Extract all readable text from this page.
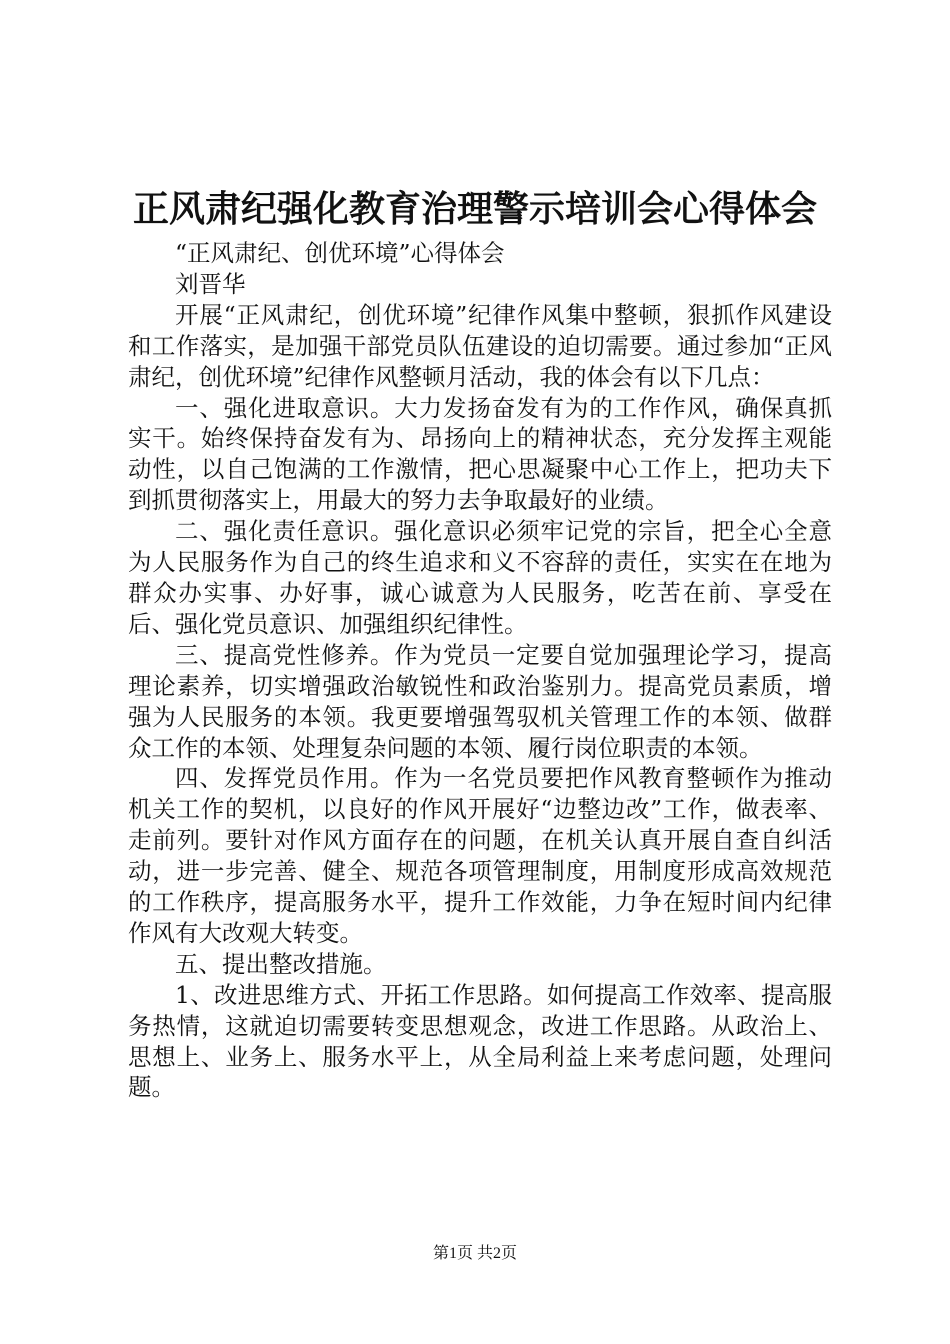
正风肃纪强化教育治理警示培训会心得体会

“正风肃纪、创优环境”心得体会

刘晋华

开展“正风肃纪，创优环境”纪律作风集中整顿，狠抓作风建设和工作落实，是加强干部党员队伍建设的迫切需要。通过参加“正风肃纪，创优环境”纪律作风整顿月活动，我的体会有以下几点：

一、强化进取意识。大力发扬奋发有为的工作作风，确保真抓实干。始终保持奋发有为、昂扬向上的精神状态，充分发挥主观能动性，以自己饱满的工作激情，把心思凝聚中心工作上，把功夫下到抓贯彻落实上，用最大的努力去争取最好的业绩。

二、强化责任意识。强化意识必须牢记党的宗旨，把全心全意为人民服务作为自己的终生追求和义不容辞的责任，实实在在地为群众办实事、办好事，诚心诚意为人民服务，吃苦在前、享受在后、强化党员意识、加强组织纪律性。

三、提高党性修养。作为党员一定要自觉加强理论学习，提高理论素养，切实增强政治敏锐性和政治鉴别力。提高党员素质，增强为人民服务的本领。我更要增强驾驭机关管理工作的本领、做群众工作的本领、处理复杂问题的本领、履行岗位职责的本领。

四、发挥党员作用。作为一名党员要把作风教育整顿作为推动机关工作的契机，以良好的作风开展好“边整边改”工作，做表率、走前列。要针对作风方面存在的问题，在机关认真开展自查自纠活动，进一步完善、健全、规范各项管理制度，用制度形成高效规范的工作秩序，提高服务水平，提升工作效能，力争在短时间内纪律作风有大改观大转变。

五、提出整改措施。

1、改进思维方式、开拓工作思路。如何提高工作效率、提高服务热情，这就迫切需要转变思想观念，改进工作思路。从政治上、思想上、业务上、服务水平上，从全局利益上来考虑问题，处理问题。

第1页 共2页
